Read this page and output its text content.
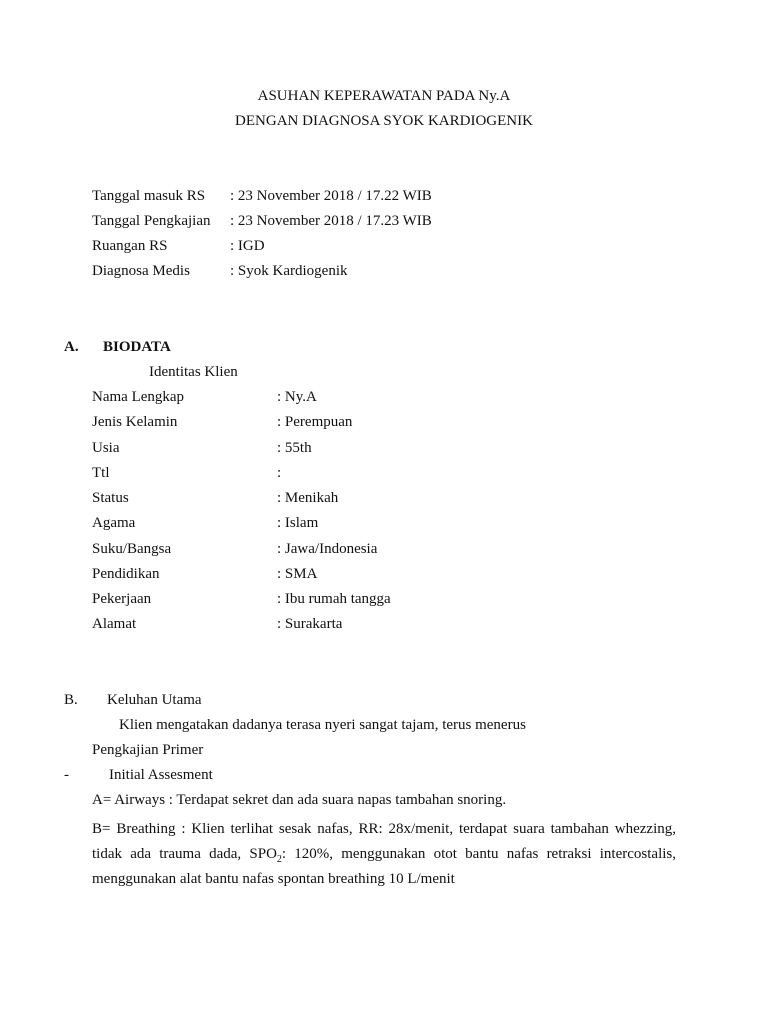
ASUHAN KEPERAWATAN PADA Ny.A
DENGAN DIAGNOSA SYOK KARDIOGENIK
Tanggal masuk RS : 23 November 2018 / 17.22 WIB
Tanggal Pengkajian : 23 November 2018 / 17.23 WIB
Ruangan RS	: IGD
Diagnosa Medis	: Syok Kardiogenik
A. BIODATA
Identitas Klien
Nama Lengkap	: Ny.A
Jenis Kelamin	: Perempuan
Usia	: 55th
Ttl	:
Status	: Menikah
Agama	: Islam
Suku/Bangsa	: Jawa/Indonesia
Pendidikan	: SMA
Pekerjaan	: Ibu rumah tangga
Alamat	: Surakarta
B. Keluhan Utama
Klien mengatakan dadanya terasa nyeri sangat tajam, terus menerus
Pengkajian Primer
-	Initial Assesment
A= Airways : Terdapat sekret dan ada suara napas tambahan snoring.
B= Breathing : Klien terlihat sesak nafas, RR: 28x/menit, terdapat suara tambahan whezzing, tidak ada trauma dada, $SPO_2$: 120%, menggunakan otot bantu nafas retraksi intercostalis, menggunakan alat bantu nafas spontan breathing 10 L/menit
